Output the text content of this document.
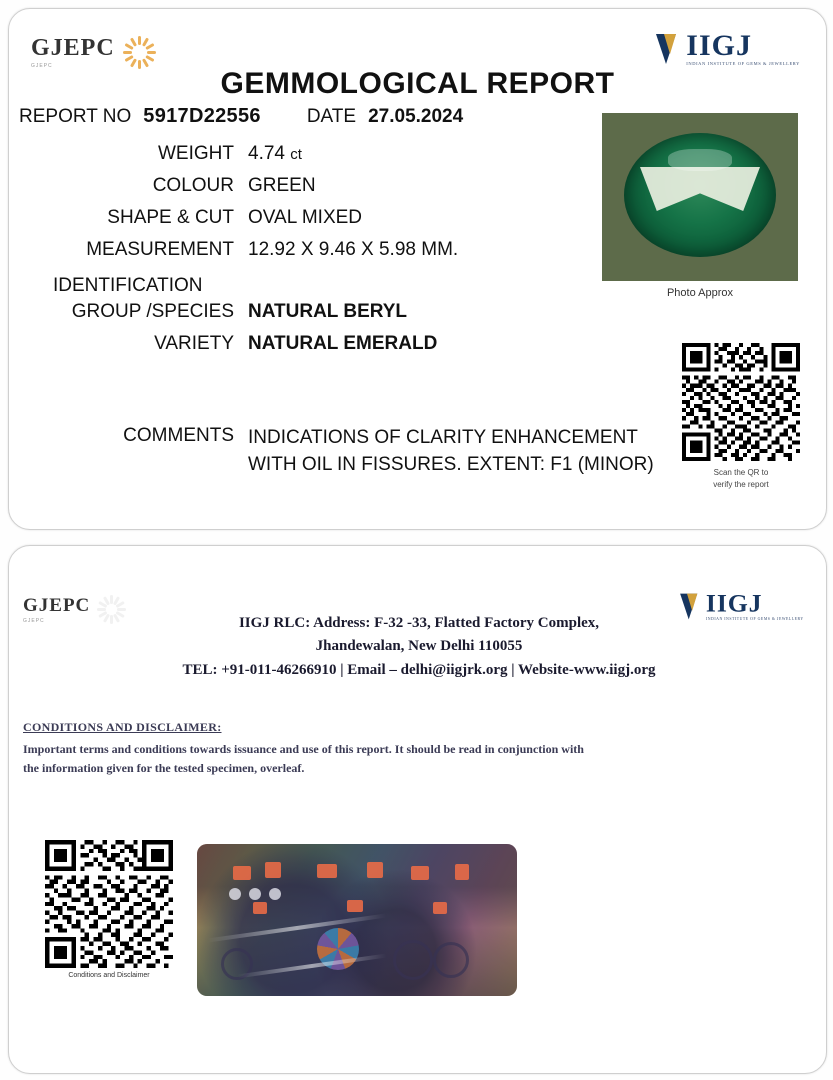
GJEPC
GJEPC
IIGJ
INDIAN INSTITUTE OF GEMS & JEWELLERY
GEMMOLOGICAL REPORT
REPORT NO 5917D22556 DATE 27.05.2024
WEIGHT 4.74 ct
COLOUR GREEN
SHAPE & CUT OVAL MIXED
MEASUREMENT 12.92 X 9.46 X 5.98 MM.
IDENTIFICATION
GROUP /SPECIES NATURAL BERYL
VARIETY NATURAL EMERALD
COMMENTS INDICATIONS OF CLARITY ENHANCEMENT WITH OIL IN FISSURES. EXTENT: F1 (MINOR)
Photo Approx
Scan the QR to
verify the report
GJEPC
GJEPC
IIGJ
INDIAN INSTITUTE OF GEMS & JEWELLERY
IIGJ RLC: Address: F-32 -33, Flatted Factory Complex,
Jhandewalan, New Delhi 110055
TEL: +91-011-46266910 | Email – delhi@iigjrk.org | Website-www.iigj.org
CONDITIONS AND DISCLAIMER:
Important terms and conditions towards issuance and use of this report. It should be read in conjunction with
the information given for the tested specimen, overleaf.
Conditions and Disclaimer
